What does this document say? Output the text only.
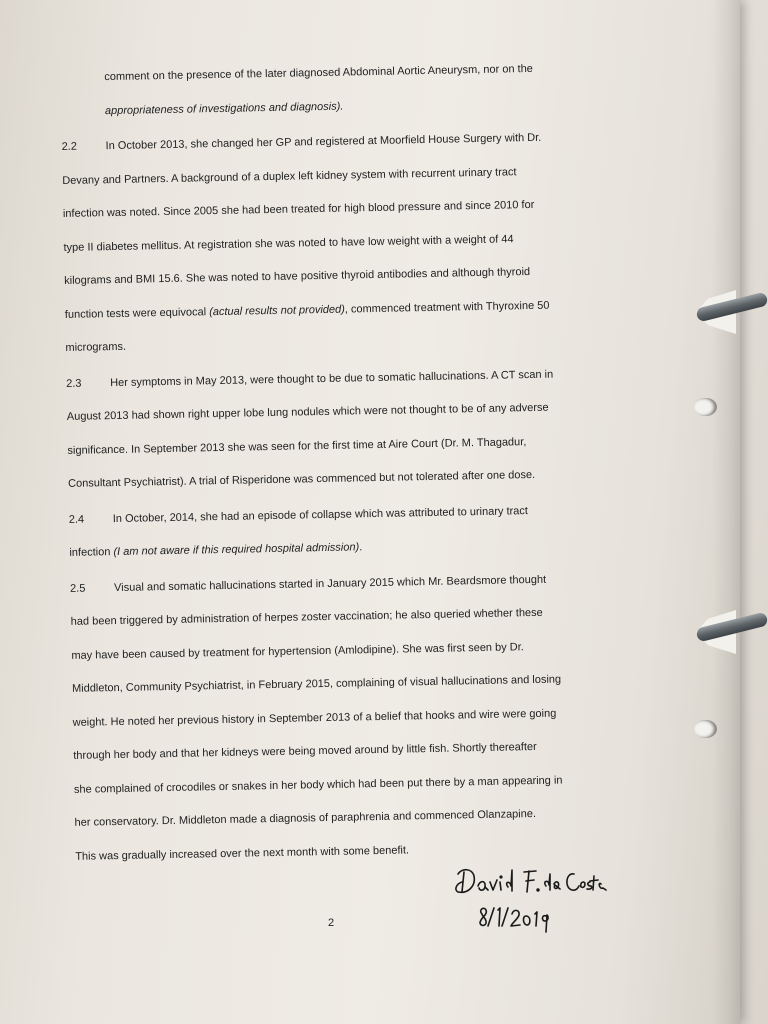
comment on the presence of the later diagnosed Abdominal Aortic Aneurysm, nor on the
appropriateness of investigations and diagnosis).

2.2	In October 2013, she changed her GP and registered at Moorfield House Surgery with Dr.
Devany and Partners. A background of a duplex left kidney system with recurrent urinary tract
infection was noted. Since 2005 she had been treated for high blood pressure and since 2010 for
type II diabetes mellitus. At registration she was noted to have low weight with a weight of 44
kilograms and BMI 15.6. She was noted to have positive thyroid antibodies and although thyroid
function tests were equivocal (actual results not provided), commenced treatment with Thyroxine 50
micrograms.

2.3	Her symptoms in May 2013, were thought to be due to somatic hallucinations. A CT scan in
August 2013 had shown right upper lobe lung nodules which were not thought to be of any adverse
significance. In September 2013 she was seen for the first time at Aire Court (Dr. M. Thagadur,
Consultant Psychiatrist). A trial of Risperidone was commenced but not tolerated after one dose.

2.4	In October, 2014, she had an episode of collapse which was attributed to urinary tract
infection (I am not aware if this required hospital admission).

2.5	Visual and somatic hallucinations started in January 2015 which Mr. Beardsmore thought
had been triggered by administration of herpes zoster vaccination; he also queried whether these
may have been caused by treatment for hypertension (Amlodipine). She was first seen by Dr.
Middleton, Community Psychiatrist, in February 2015, complaining of visual hallucinations and losing
weight. He noted her previous history in September 2013 of a belief that hooks and wire were going
through her body and that her kidneys were being moved around by little fish. Shortly thereafter
she complained of crocodiles or snakes in her body which had been put there by a man appearing in
her conservatory. Dr. Middleton made a diagnosis of paraphrenia and commenced Olanzapine.
This was gradually increased over the next month with some benefit.

2
